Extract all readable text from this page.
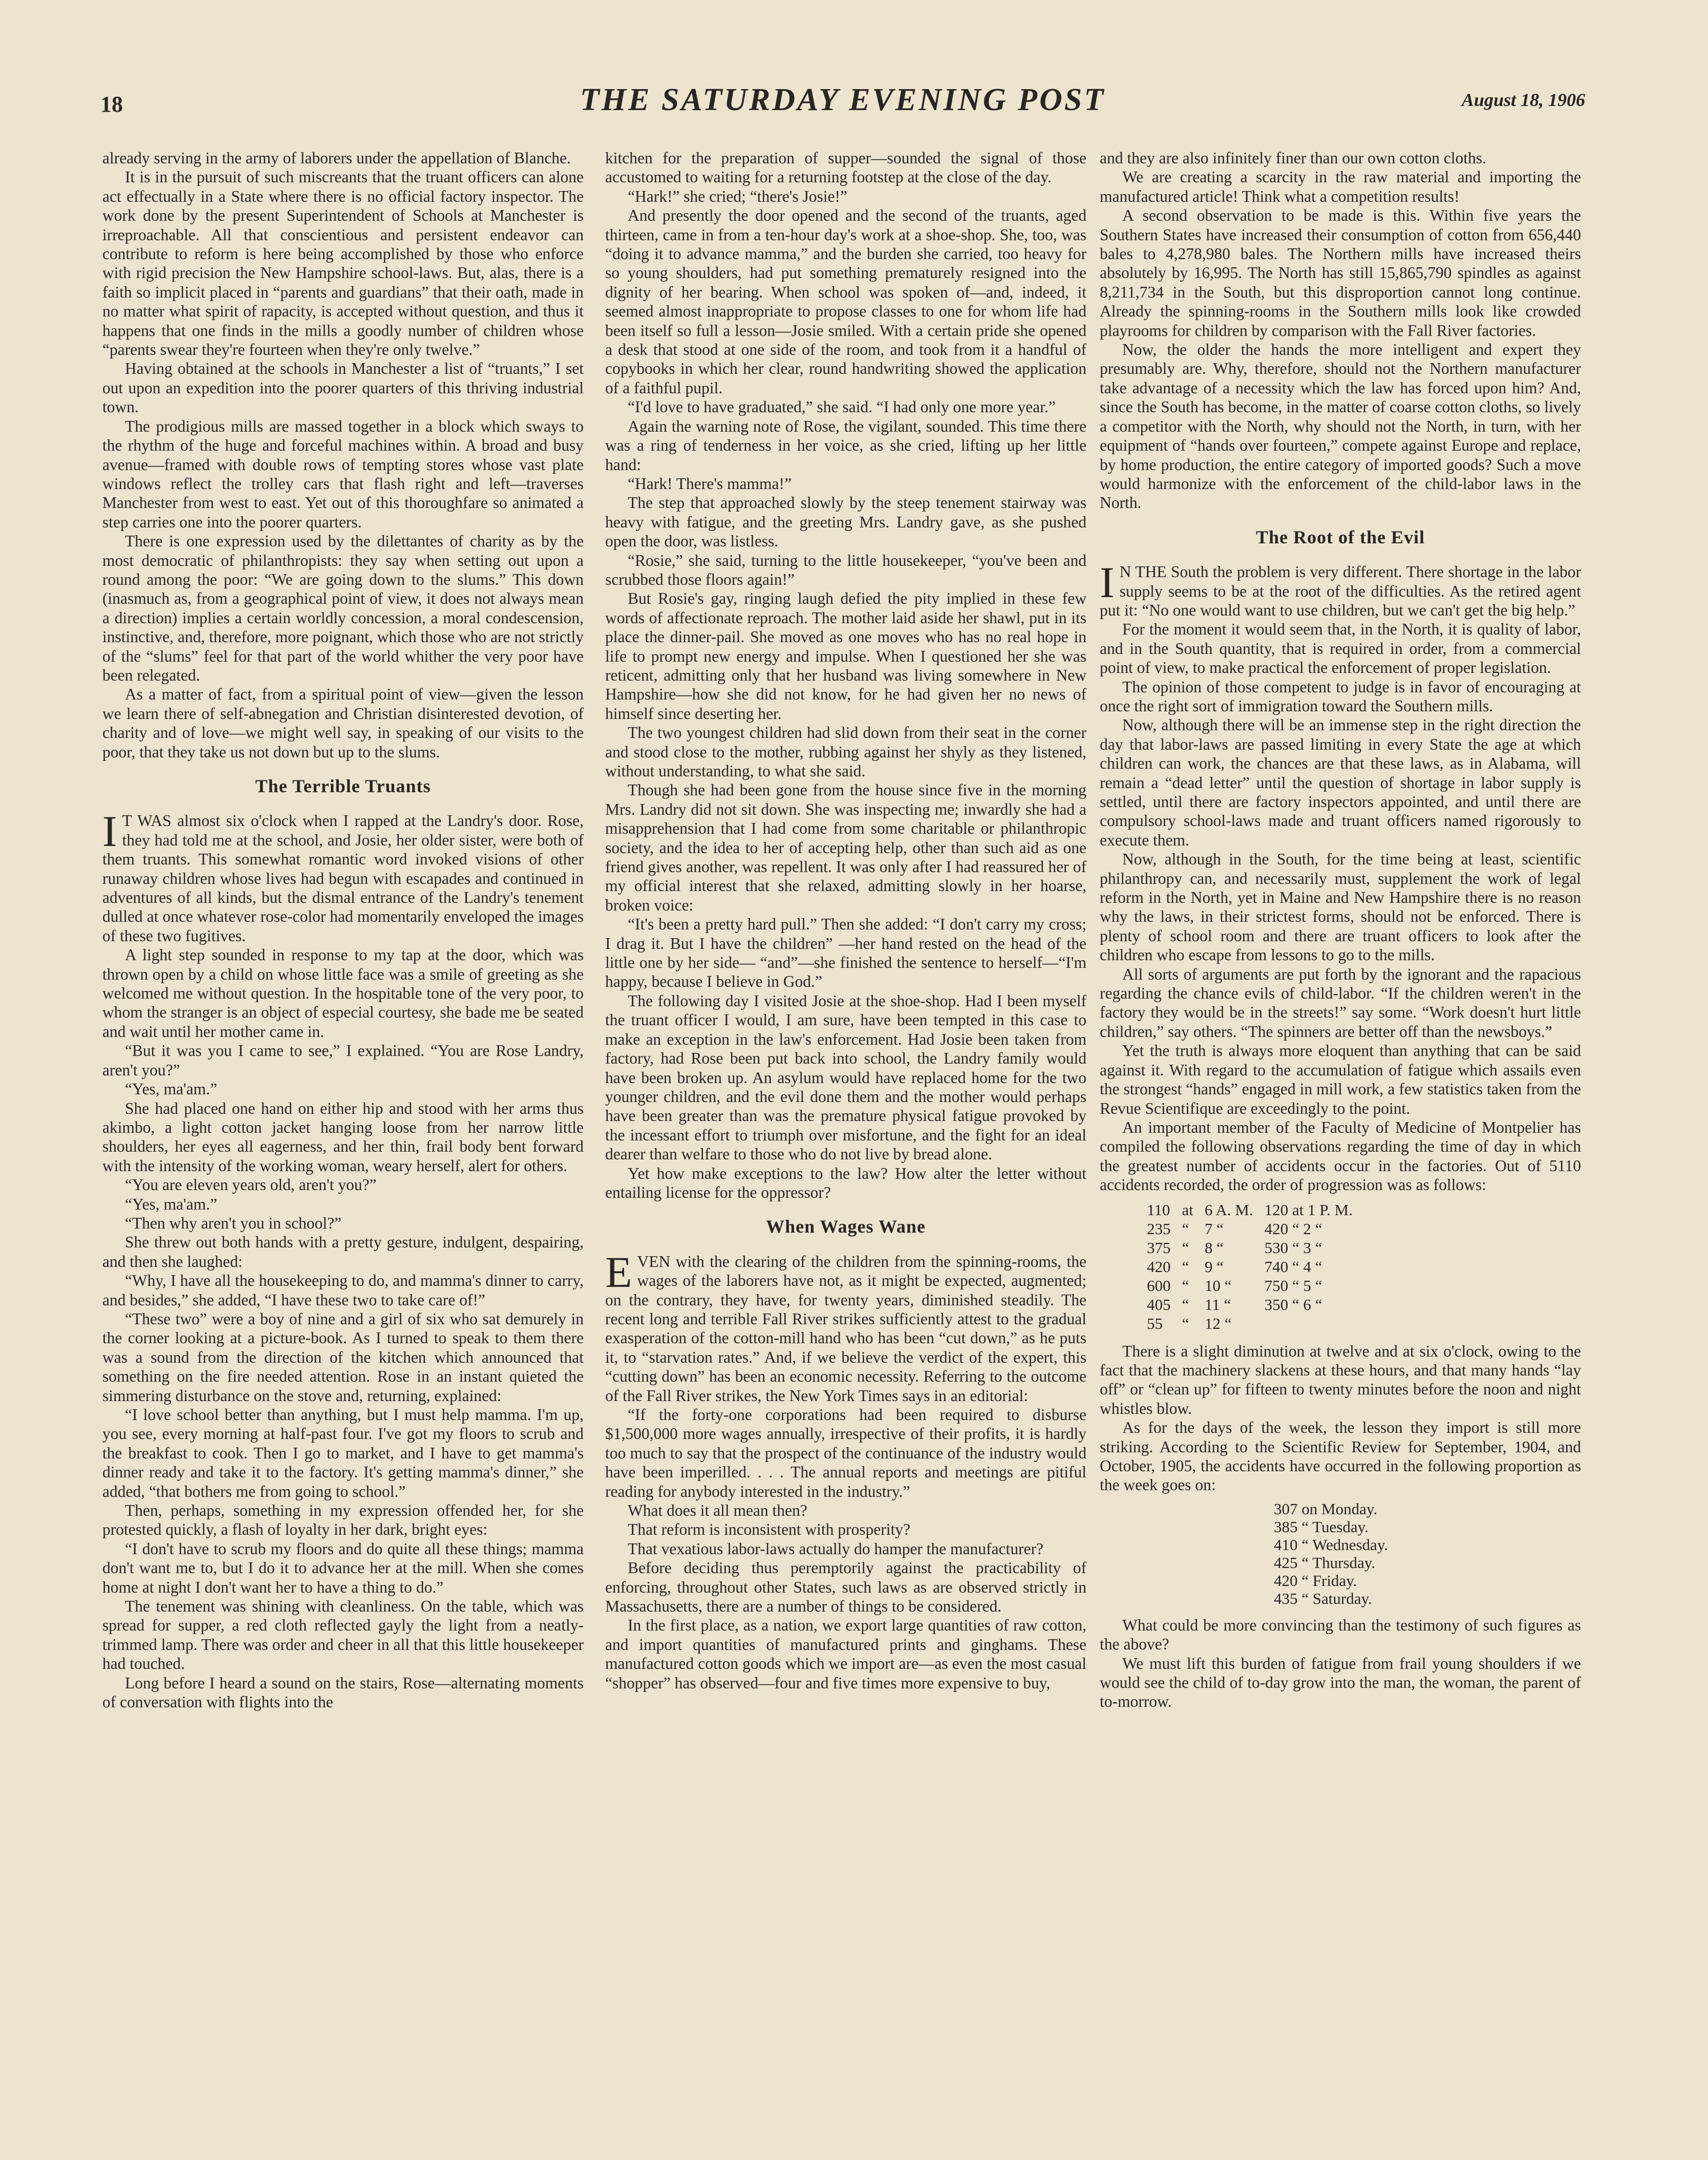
18	THE SATURDAY EVENING POST	August 18, 1906

already serving in the army of laborers under the appellation of Blanche.

It is in the pursuit of such miscreants that the truant officers can alone act effectually in a State where there is no official factory inspector. The work done by the present Superintendent of Schools at Manchester is irreproachable. All that conscientious and persistent endeavor can contribute to reform is here being accomplished by those who enforce with rigid precision the New Hampshire school-laws. But, alas, there is a faith so implicit placed in “parents and guardians” that their oath, made in no matter what spirit of rapacity, is accepted without question, and thus it happens that one finds in the mills a goodly number of children whose “parents swear they're fourteen when they're only twelve.”

Having obtained at the schools in Manchester a list of “truants,” I set out upon an expedition into the poorer quarters of this thriving industrial town.

The prodigious mills are massed together in a block which sways to the rhythm of the huge and forceful machines within. A broad and busy avenue—framed with double rows of tempting stores whose vast plate windows reflect the trolley cars that flash right and left—traverses Manchester from west to east. Yet out of this thoroughfare so animated a step carries one into the poorer quarters.

There is one expression used by the dilettantes of charity as by the most democratic of philanthropists: they say when setting out upon a round among the poor: “We are going down to the slums.” This down (inasmuch as, from a geographical point of view, it does not always mean a direction) implies a certain worldly concession, a moral condescension, instinctive, and, therefore, more poignant, which those who are not strictly of the “slums” feel for that part of the world whither the very poor have been relegated.

As a matter of fact, from a spiritual point of view—given the lesson we learn there of self-abnegation and Christian disinterested devotion, of charity and of love—we might well say, in speaking of our visits to the poor, that they take us not down but up to the slums.

The Terrible Truants

I T WAS almost six o'clock when I rapped at the Landry's door. Rose, they had told me at the school, and Josie, her older sister, were both of them truants. This somewhat romantic word invoked visions of other runaway children whose lives had begun with escapades and continued in adventures of all kinds, but the dismal entrance of the Landry's tenement dulled at once whatever rose-color had momentarily enveloped the images of these two fugitives.

A light step sounded in response to my tap at the door, which was thrown open by a child on whose little face was a smile of greeting as she welcomed me without question. In the hospitable tone of the very poor, to whom the stranger is an object of especial courtesy, she bade me be seated and wait until her mother came in.

“But it was you I came to see,” I explained. “You are Rose Landry, aren't you?”

“Yes, ma'am.”

She had placed one hand on either hip and stood with her arms thus akimbo, a light cotton jacket hanging loose from her narrow little shoulders, her eyes all eagerness, and her thin, frail body bent forward with the intensity of the working woman, weary herself, alert for others.

“You are eleven years old, aren't you?”

“Yes, ma'am.”

“Then why aren't you in school?”

She threw out both hands with a pretty gesture, indulgent, despairing, and then she laughed:

“Why, I have all the housekeeping to do, and mamma's dinner to carry, and besides,” she added, “I have these two to take care of!”

“These two” were a boy of nine and a girl of six who sat demurely in the corner looking at a picture-book. As I turned to speak to them there was a sound from the direction of the kitchen which announced that something on the fire needed attention. Rose in an instant quieted the simmering disturbance on the stove and, returning, explained:

“I love school better than anything, but I must help mamma. I'm up, you see, every morning at half-past four. I've got my floors to scrub and the breakfast to cook. Then I go to market, and I have to get mamma's dinner ready and take it to the factory. It's getting mamma's dinner,” she added, “that bothers me from going to school.”

Then, perhaps, something in my expression offended her, for she protested quickly, a flash of loyalty in her dark, bright eyes:

“I don't have to scrub my floors and do quite all these things; mamma don't want me to, but I do it to advance her at the mill. When she comes home at night I don't want her to have a thing to do.”

The tenement was shining with cleanliness. On the table, which was spread for supper, a red cloth reflected gayly the light from a neatly-trimmed lamp. There was order and cheer in all that this little housekeeper had touched.

Long before I heard a sound on the stairs, Rose—alternating moments of conversation with flights into the

kitchen for the preparation of supper—sounded the signal of those accustomed to waiting for a returning footstep at the close of the day.

“Hark!” she cried; “there's Josie!”

And presently the door opened and the second of the truants, aged thirteen, came in from a ten-hour day's work at a shoe-shop. She, too, was “doing it to advance mamma,” and the burden she carried, too heavy for so young shoulders, had put something prematurely resigned into the dignity of her bearing. When school was spoken of—and, indeed, it seemed almost inappropriate to propose classes to one for whom life had been itself so full a lesson—Josie smiled. With a certain pride she opened a desk that stood at one side of the room, and took from it a handful of copybooks in which her clear, round handwriting showed the application of a faithful pupil.

“I'd love to have graduated,” she said. “I had only one more year.”

Again the warning note of Rose, the vigilant, sounded. This time there was a ring of tenderness in her voice, as she cried, lifting up her little hand:

“Hark! There's mamma!”

The step that approached slowly by the steep tenement stairway was heavy with fatigue, and the greeting Mrs. Landry gave, as she pushed open the door, was listless.

“Rosie,” she said, turning to the little housekeeper, “you've been and scrubbed those floors again!”

But Rosie's gay, ringing laugh defied the pity implied in these few words of affectionate reproach. The mother laid aside her shawl, put in its place the dinner-pail. She moved as one moves who has no real hope in life to prompt new energy and impulse. When I questioned her she was reticent, admitting only that her husband was living somewhere in New Hampshire—how she did not know, for he had given her no news of himself since deserting her.

The two youngest children had slid down from their seat in the corner and stood close to the mother, rubbing against her shyly as they listened, without understanding, to what she said.

Though she had been gone from the house since five in the morning Mrs. Landry did not sit down. She was inspecting me; inwardly she had a misapprehension that I had come from some charitable or philanthropic society, and the idea to her of accepting help, other than such aid as one friend gives another, was repellent. It was only after I had reassured her of my official interest that she relaxed, admitting slowly in her hoarse, broken voice:

“It's been a pretty hard pull.” Then she added: “I don't carry my cross; I drag it. But I have the children” —her hand rested on the head of the little one by her side— “and”—she finished the sentence to herself—“I'm happy, because I believe in God.”

The following day I visited Josie at the shoe-shop. Had I been myself the truant officer I would, I am sure, have been tempted in this case to make an exception in the law's enforcement. Had Josie been taken from factory, had Rose been put back into school, the Landry family would have been broken up. An asylum would have replaced home for the two younger children, and the evil done them and the mother would perhaps have been greater than was the premature physical fatigue provoked by the incessant effort to triumph over misfortune, and the fight for an ideal dearer than welfare to those who do not live by bread alone.

Yet how make exceptions to the law? How alter the letter without entailing license for the oppressor?

When Wages Wane

EVEN with the clearing of the children from the spinning-rooms, the wages of the laborers have not, as it might be expected, augmented; on the contrary, they have, for twenty years, diminished steadily. The recent long and terrible Fall River strikes sufficiently attest to the gradual exasperation of the cotton-mill hand who has been “cut down,” as he puts it, to “starvation rates.” And, if we believe the verdict of the expert, this “cutting down” has been an economic necessity. Referring to the outcome of the Fall River strikes, the New York Times says in an editorial:

“If the forty-one corporations had been required to disburse $1,500,000 more wages annually, irrespective of their profits, it is hardly too much to say that the prospect of the continuance of the industry would have been imperilled. . . . The annual reports and meetings are pitiful reading for anybody interested in the industry.”

What does it all mean then?

That reform is inconsistent with prosperity?

That vexatious labor-laws actually do hamper the manufacturer?

Before deciding thus peremptorily against the practicability of enforcing, throughout other States, such laws as are observed strictly in Massachusetts, there are a number of things to be considered.

In the first place, as a nation, we export large quantities of raw cotton, and import quantities of manufactured prints and ginghams. These manufactured cotton goods which we import are—as even the most casual “shopper” has observed—four and five times more expensive to buy,

and they are also infinitely finer than our own cotton cloths.

We are creating a scarcity in the raw material and importing the manufactured article! Think what a competition results!

A second observation to be made is this. Within five years the Southern States have increased their consumption of cotton from 656,440 bales to 4,278,980 bales. The Northern mills have increased theirs absolutely by 16,995. The North has still 15,865,790 spindles as against 8,211,734 in the South, but this disproportion cannot long continue. Already the spinning-rooms in the Southern mills look like crowded playrooms for children by comparison with the Fall River factories.

Now, the older the hands the more intelligent and expert they presumably are. Why, therefore, should not the Northern manufacturer take advantage of a necessity which the law has forced upon him? And, since the South has become, in the matter of coarse cotton cloths, so lively a competitor with the North, why should not the North, in turn, with her equipment of “hands over fourteen,” compete against Europe and replace, by home production, the entire category of imported goods? Such a move would harmonize with the enforcement of the child-labor laws in the North.

The Root of the Evil

I N THE South the problem is very different. There shortage in the labor supply seems to be at the root of the difficulties. As the retired agent put it: “No one would want to use children, but we can't get the big help.”

For the moment it would seem that, in the North, it is quality of labor, and in the South quantity, that is required in order, from a commercial point of view, to make practical the enforcement of proper legislation.

The opinion of those competent to judge is in favor of encouraging at once the right sort of immigration toward the Southern mills.

Now, although there will be an immense step in the right direction the day that labor-laws are passed limiting in every State the age at which children can work, the chances are that these laws, as in Alabama, will remain a “dead letter” until the question of shortage in labor supply is settled, until there are factory inspectors appointed, and until there are compulsory school-laws made and truant officers named rigorously to execute them.

Now, although in the South, for the time being at least, scientific philanthropy can, and necessarily must, supplement the work of legal reform in the North, yet in Maine and New Hampshire there is no reason why the laws, in their strictest forms, should not be enforced. There is plenty of school room and there are truant officers to look after the children who escape from lessons to go to the mills.

All sorts of arguments are put forth by the ignorant and the rapacious regarding the chance evils of child-labor. “If the children weren't in the factory they would be in the streets!” say some. “Work doesn't hurt little children,” say others. “The spinners are better off than the newsboys.”

Yet the truth is always more eloquent than anything that can be said against it. With regard to the accumulation of fatigue which assails even the strongest “hands” engaged in mill work, a few statistics taken from the Revue Scientifique are exceedingly to the point.

An important member of the Faculty of Medicine of Montpelier has compiled the following observations regarding the time of day in which the greatest number of accidents occur in the factories. Out of 5110 accidents recorded, the order of progression was as follows:

110	at	6 A. M.	120 at 1 P. M.
235	“	7 “	420 “ 2 “
375	“	8 “	530 “ 3 “
420	“	9 “	740 “ 4 “
600	“	10 “	750 “ 5 “
405	“	11 “	350 “ 6 “
55	“	12 “	

There is a slight diminution at twelve and at six o'clock, owing to the fact that the machinery slackens at these hours, and that many hands “lay off” or “clean up” for fifteen to twenty minutes before the noon and night whistles blow.

As for the days of the week, the lesson they import is still more striking. According to the Scientific Review for September, 1904, and October, 1905, the accidents have occurred in the following proportion as the week goes on:

307 on Monday.
385 “ Tuesday.
410 “ Wednesday.
425 “ Thursday.
420 “ Friday.
435 “ Saturday.

What could be more convincing than the testimony of such figures as the above?

We must lift this burden of fatigue from frail young shoulders if we would see the child of to-day grow into the man, the woman, the parent of to-morrow.
